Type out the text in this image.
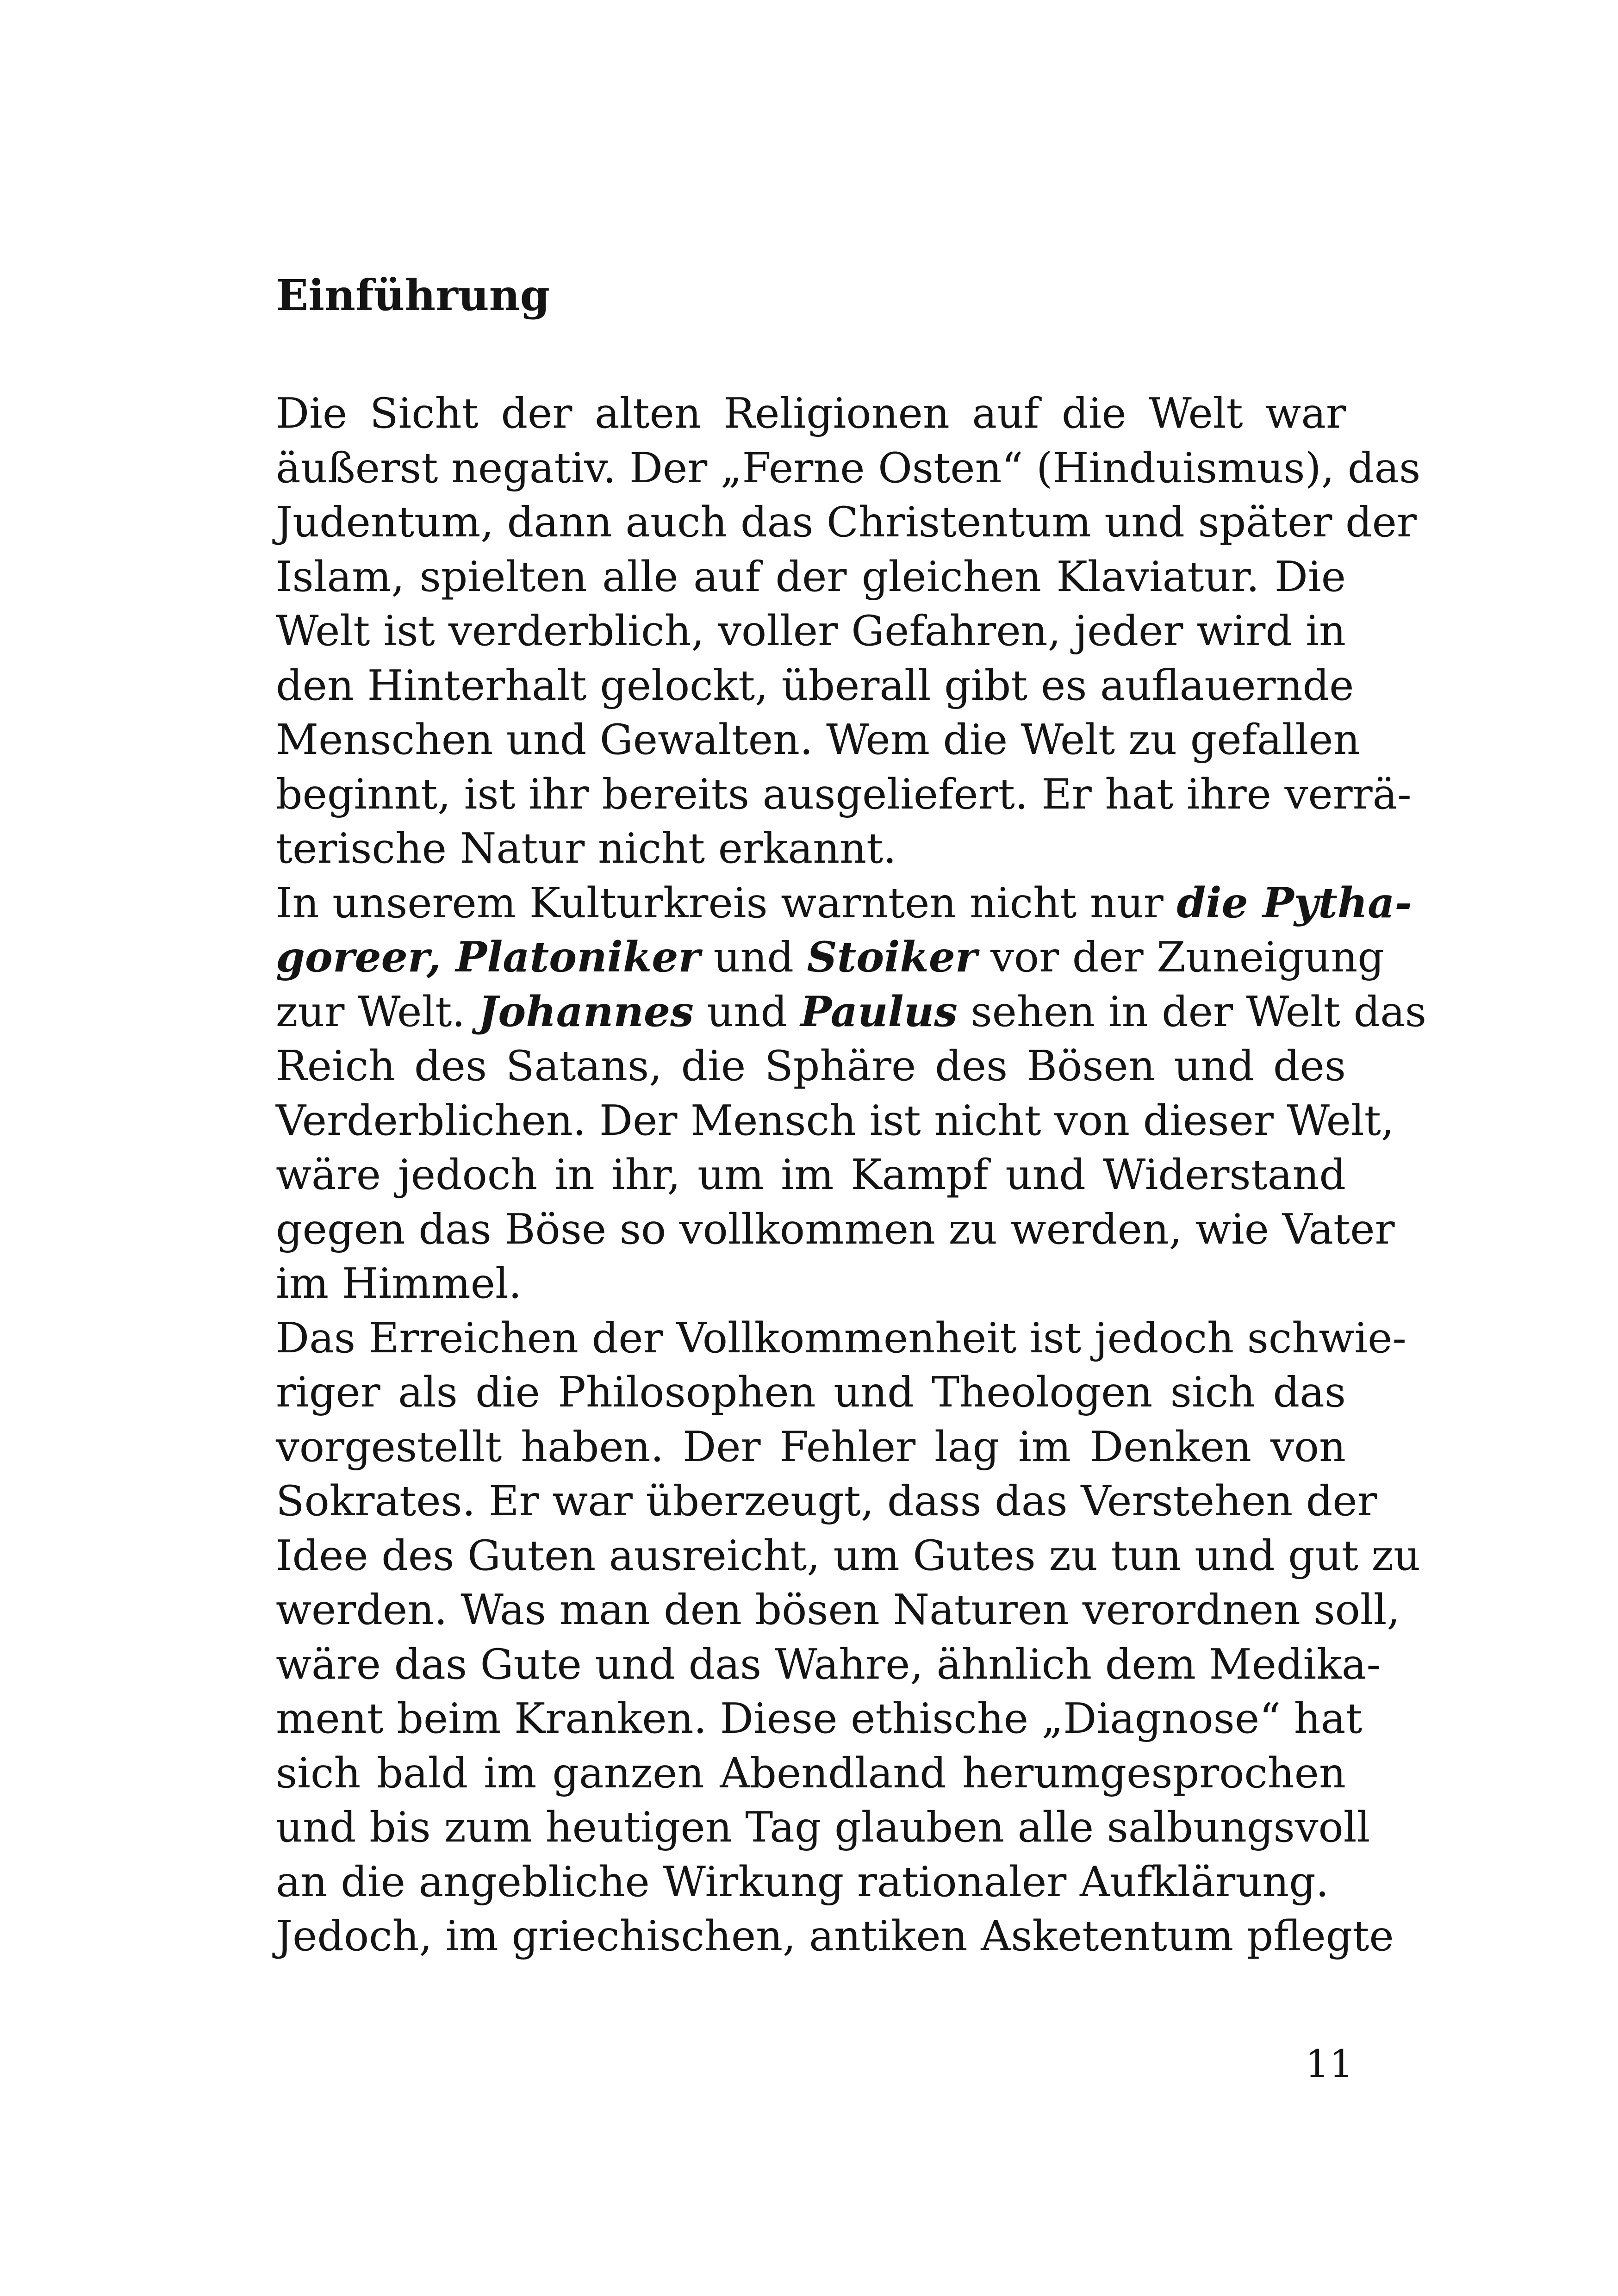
Einführung
Die Sicht der alten Religionen auf die Welt war
äußerst negativ. Der „Ferne Osten“ (Hinduismus), das
Judentum, dann auch das Christentum und später der
Islam, spielten alle auf der gleichen Klaviatur. Die
Welt ist verderblich, voller Gefahren, jeder wird in
den Hinterhalt gelockt, überall gibt es auflauernde
Menschen und Gewalten. Wem die Welt zu gefallen
beginnt, ist ihr bereits ausgeliefert. Er hat ihre verrä-
terische Natur nicht erkannt.
In unserem Kulturkreis warnten nicht nur die Pytha-
goreer, Platoniker und Stoiker vor der Zuneigung
zur Welt. Johannes und Paulus sehen in der Welt das
Reich des Satans, die Sphäre des Bösen und des
Verderblichen. Der Mensch ist nicht von dieser Welt,
wäre jedoch in ihr, um im Kampf und Widerstand
gegen das Böse so vollkommen zu werden, wie Vater
im Himmel.
Das Erreichen der Vollkommenheit ist jedoch schwie-
riger als die Philosophen und Theologen sich das
vorgestellt haben. Der Fehler lag im Denken von
Sokrates. Er war überzeugt, dass das Verstehen der
Idee des Guten ausreicht, um Gutes zu tun und gut zu
werden. Was man den bösen Naturen verordnen soll,
wäre das Gute und das Wahre, ähnlich dem Medika-
ment beim Kranken. Diese ethische „Diagnose“ hat
sich bald im ganzen Abendland herumgesprochen
und bis zum heutigen Tag glauben alle salbungsvoll
an die angebliche Wirkung rationaler Aufklärung.
Jedoch, im griechischen, antiken Asketentum pflegte
11
